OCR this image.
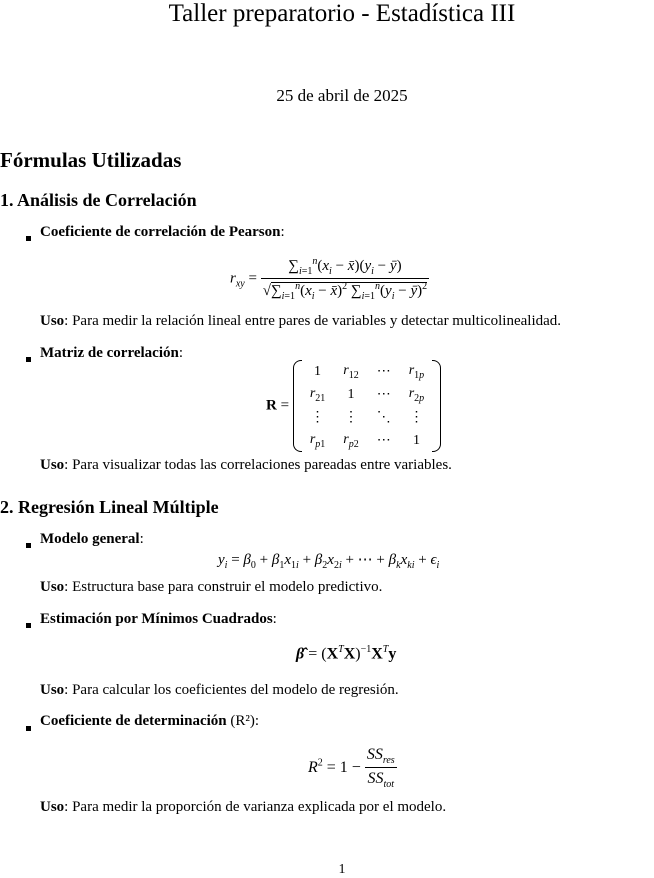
Taller preparatorio - Estadística III
25 de abril de 2025
Fórmulas Utilizadas
1. Análisis de Correlación
Coeficiente de correlación de Pearson:
$r_{xy} = \frac{\sum_{i=1}^n(x_i - x̄)(y_i - ȳ)}{√\sum_{i=1}^n(x_i - x̄)^2 \sum_{i=1}^n(y_i - ȳ)^2}$
Uso: Para medir la relación lineal entre pares de variables y detectar multicolinealidad.
Matriz de correlación:
R =
1	$r_{12}$	⋯	$r_{1p}$
$r_{21}$	1	⋯	$r_{2p}$
⋮	⋮	⋱	⋮
$r_{p1}$	$r_{p2}$	⋯	1
Uso: Para visualizar todas las correlaciones pareadas entre variables.
2. Regresión Lineal Múltiple
Modelo general:
$y_i = \beta_0 + \beta_1x_{1i} + \beta_2x_{2i}$ + ⋯ + $\beta_kx_{ki} + \epsilon_i$
Uso: Estructura base para construir el modelo predictivo.
Estimación por Mínimos Cuadrados:
β̂ = $(X^TX)^{-1}X^Ty$
Uso: Para calcular los coeficientes del modelo de regresión.
Coeficiente de determinación (R²):
$R^2 = 1 - \frac{SS_{res}}{SS_{tot}}$
Uso: Para medir la proporción de varianza explicada por el modelo.
1
